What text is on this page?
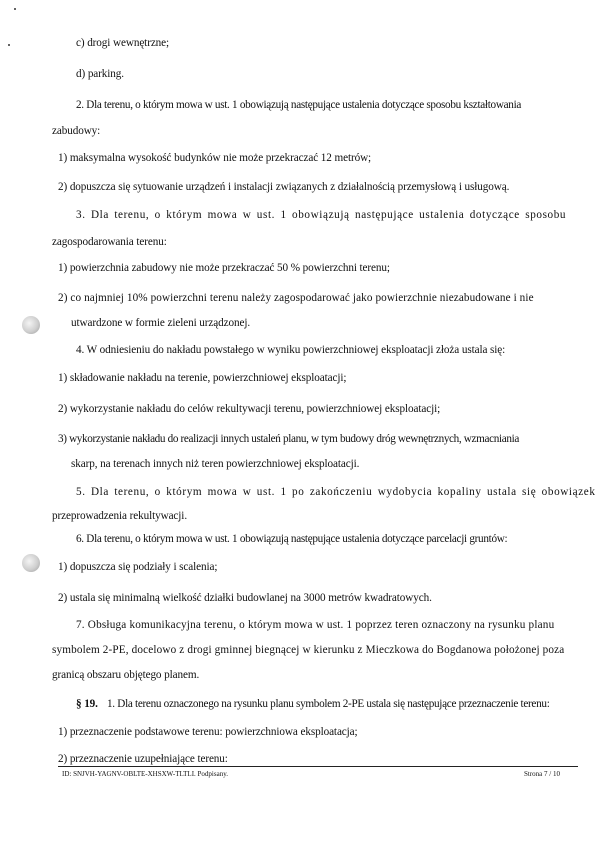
c) drogi wewnętrzne;
d) parking.
2. Dla terenu, o którym mowa w ust. 1 obowiązują następujące ustalenia dotyczące sposobu kształtowania
zabudowy:
1) maksymalna wysokość budynków nie może przekraczać 12 metrów;
2) dopuszcza się sytuowanie urządzeń i instalacji związanych z działalnością przemysłową i usługową.
3. Dla terenu, o którym mowa w ust. 1 obowiązują następujące ustalenia dotyczące sposobu
zagospodarowania terenu:
1) powierzchnia zabudowy nie może przekraczać 50 % powierzchni terenu;
2) co najmniej 10% powierzchni terenu należy zagospodarować jako powierzchnie niezabudowane i nie
utwardzone w formie zieleni urządzonej.
4. W odniesieniu do nakładu powstałego w wyniku powierzchniowej eksploatacji złoża ustala się:
1) składowanie nakładu na terenie, powierzchniowej eksploatacji;
2) wykorzystanie nakładu do celów rekultywacji terenu, powierzchniowej eksploatacji;
3) wykorzystanie nakładu do realizacji innych ustaleń planu, w tym budowy dróg wewnętrznych, wzmacniania
skarp, na terenach innych niż teren powierzchniowej eksploatacji.
5. Dla terenu, o którym mowa w ust. 1 po zakończeniu wydobycia kopaliny ustala się obowiązek
przeprowadzenia rekultywacji.
6. Dla terenu, o którym mowa w ust. 1 obowiązują następujące ustalenia dotyczące parcelacji gruntów:
1) dopuszcza się podziały i scalenia;
2) ustala się minimalną wielkość działki budowlanej na 3000 metrów kwadratowych.
7. Obsługa komunikacyjna terenu, o którym mowa w ust. 1 poprzez teren oznaczony na rysunku planu
symbolem 2-PE, docelowo z drogi gminnej biegnącej w kierunku z Mieczkowa do Bogdanowa położonej poza
granicą obszaru objętego planem.
§ 19. 1. Dla terenu oznaczonego na rysunku planu symbolem 2-PE ustala się następujące przeznaczenie terenu:
1) przeznaczenie podstawowe terenu: powierzchniowa eksploatacja;
2) przeznaczenie uzupełniające terenu:
ID: SNJVH-YAGNV-OBLTE-XHSXW-TLTLI. Podpisany.	Strona 7 / 10
